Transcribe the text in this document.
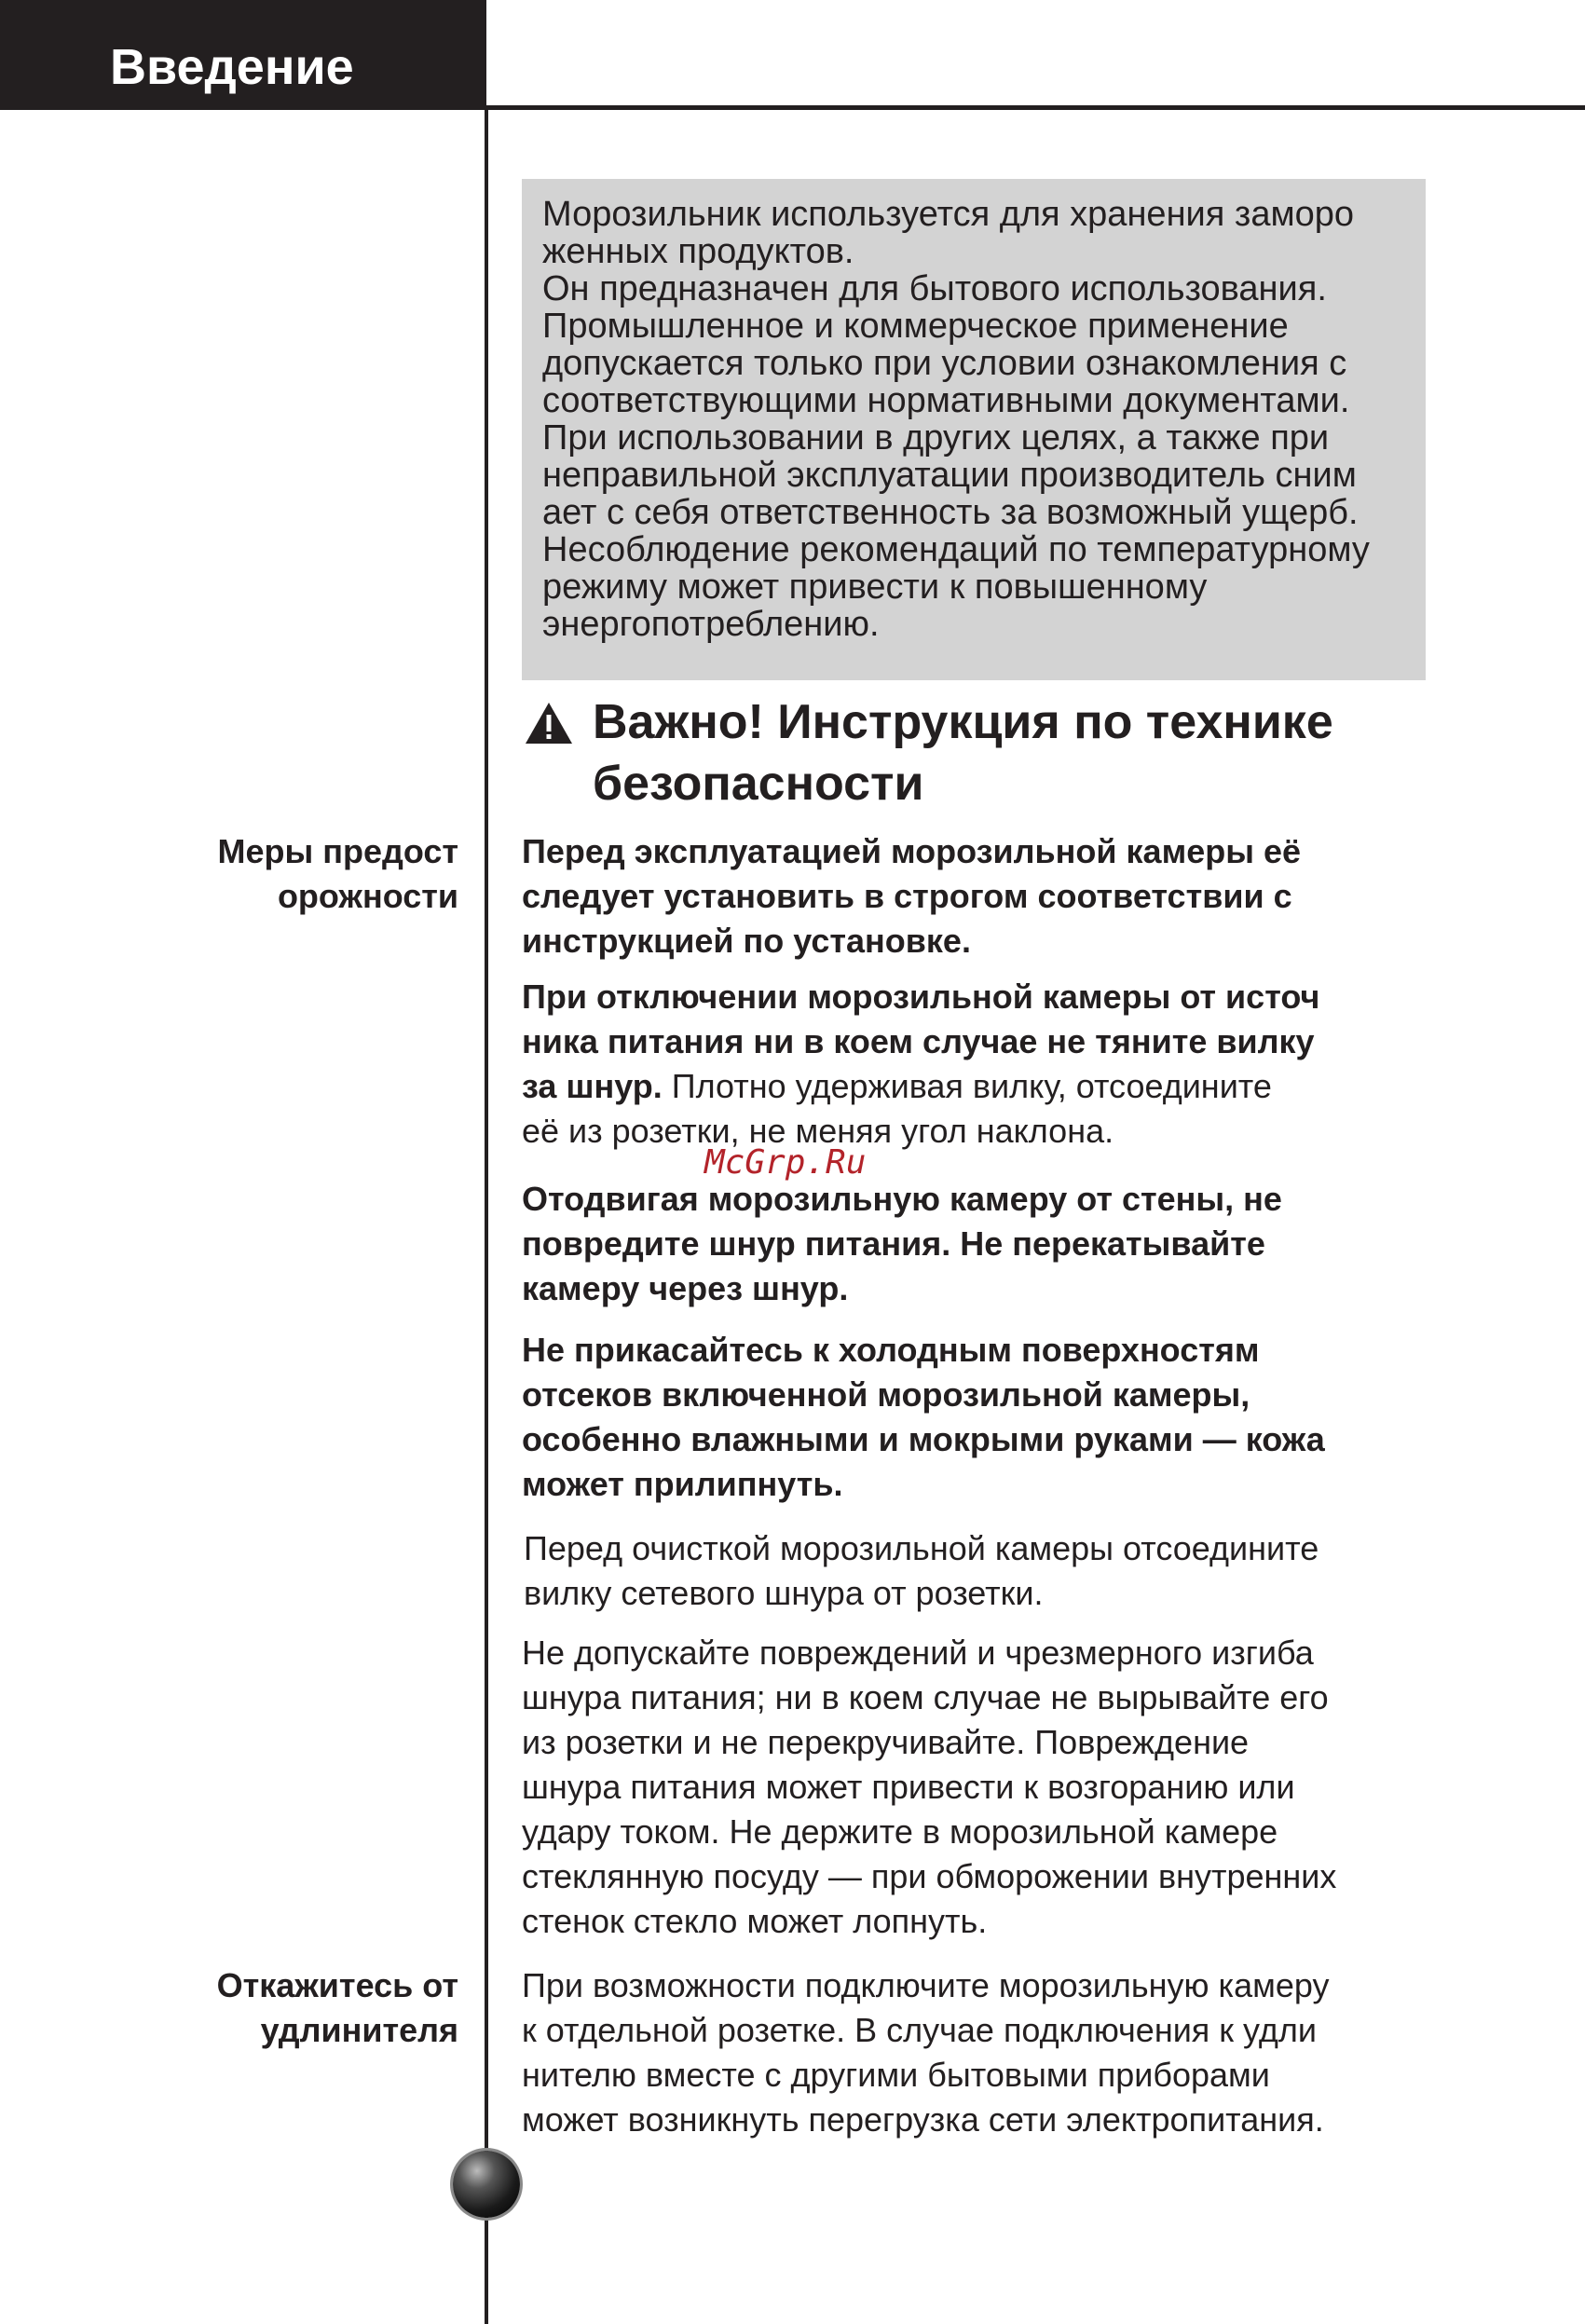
Введение

Морозильник используется для хранения заморо

женных продуктов.

Он предназначен для бытового использования.

Промышленное и коммерческое применение

допускается только при условии ознакомления с

соответствующими нормативными документами.

При использовании в других целях, а также при

неправильной эксплуатации производитель сним

ает с себя ответственность за возможный ущерб.

Несоблюдение рекомендаций по температурному

режиму может привести к повышенному

энергопотреблению.

Важно! Инструкция по технике
безопасности
Меры предост
орожности
Откажитесь от
удлинителя

Перед эксплуатацией морозильной камеры её

следует установить в строгом соответствии с

инструкцией по установке.

При отключении морозильной камеры от источ

ника питания ни в коем случае не тяните вилку

за шнур. Плотно удерживая вилку, отсоедините

её из розетки, не меняя угол наклона.

McGrp.Ru

Отодвигая морозильную камеру от стены, не

повредите шнур питания. Не перекатывайте

камеру через шнур.

Не прикасайтесь к холодным поверхностям

отсеков включенной морозильной камеры,

особенно влажными и мокрыми руками — кожа

может прилипнуть.

Перед очисткой морозильной камеры отсоедините

вилку сетевого шнура от розетки.

Не допускайте повреждений и чрезмерного изгиба

шнура питания; ни в коем случае не вырывайте его

из розетки и не перекручивайте. Повреждение

шнура питания может привести к возгоранию или

удару током. Не держите в морозильной камере

стеклянную посуду — при обморожении внутренних

стенок стекло может лопнуть.

При возможности подключите морозильную камеру

к отдельной розетке. В случае подключения к удли

нителю вместе с другими бытовыми приборами

может возникнуть перегрузка сети электропитания.
